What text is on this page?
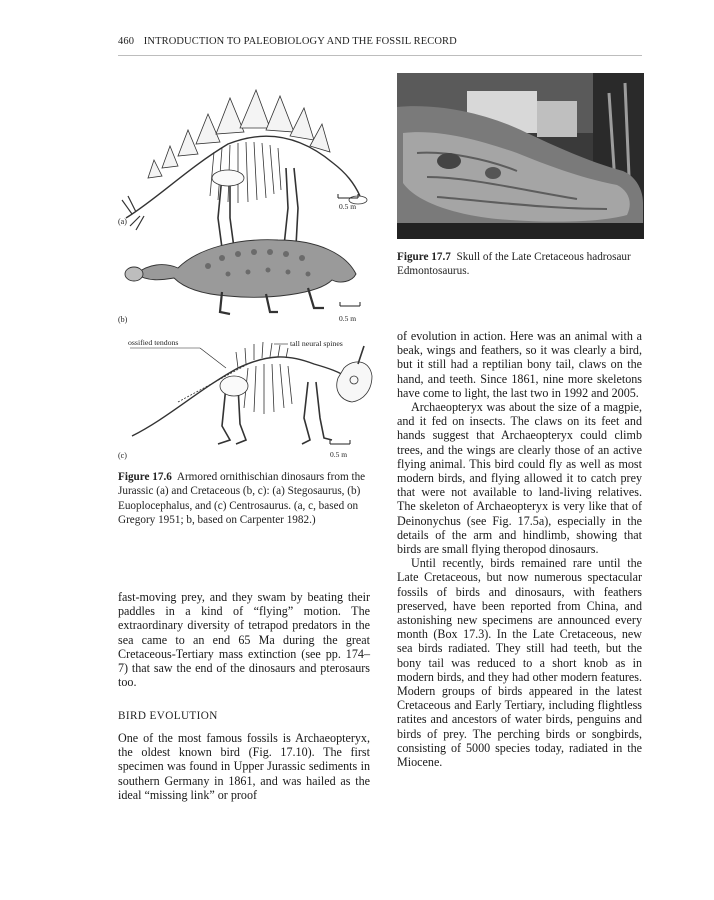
460 INTRODUCTION TO PALEOBIOLOGY AND THE FOSSIL RECORD
0.5 m
(a)
0.5 m
(b)
ossified tendons	tall neural spines
0.5 m
(c)
Figure 17.7 Skull of the Late Cretaceous hadrosaur Edmontosaurus.
Figure 17.6 Armored ornithischian dinosaurs from the Jurassic (a) and Cretaceous (b, c): (a) Stegosaurus, (b) Euoplocephalus, and (c) Centrosaurus. (a, c, based on Gregory 1951; b, based on Carpenter 1982.)

fast-moving prey, and they swam by beating their paddles in a kind of “flying” motion. The extraordinary diversity of tetrapod predators in the sea came to an end 65 Ma during the great Cretaceous-Tertiary mass extinction (see pp. 174–7) that saw the end of the dinosaurs and pterosaurs too.

BIRD EVOLUTION

One of the most famous fossils is Archaeopteryx, the oldest known bird (Fig. 17.10). The first specimen was found in Upper Jurassic sediments in southern Germany in 1861, and was hailed as the ideal “missing link” or proof

of evolution in action. Here was an animal with a beak, wings and feathers, so it was clearly a bird, but it still had a reptilian bony tail, claws on the hand, and teeth. Since 1861, nine more skeletons have come to light, the last two in 1992 and 2005.

Archaeopteryx was about the size of a magpie, and it fed on insects. The claws on its feet and hands suggest that Archaeopteryx could climb trees, and the wings are clearly those of an active flying animal. This bird could fly as well as most modern birds, and flying allowed it to catch prey that were not available to land-living relatives. The skeleton of Archaeopteryx is very like that of Deinonychus (see Fig. 17.5a), especially in the details of the arm and hindlimb, showing that birds are small flying theropod dinosaurs.

Until recently, birds remained rare until the Late Cretaceous, but now numerous spectacular fossils of birds and dinosaurs, with feathers preserved, have been reported from China, and astonishing new specimens are announced every month (Box 17.3). In the Late Cretaceous, new sea birds radiated. They still had teeth, but the bony tail was reduced to a short knob as in modern birds, and they had other modern features. Modern groups of birds appeared in the latest Cretaceous and Early Tertiary, including flightless ratites and ancestors of water birds, penguins and birds of prey. The perching birds or songbirds, consisting of 5000 species today, radiated in the Miocene.
